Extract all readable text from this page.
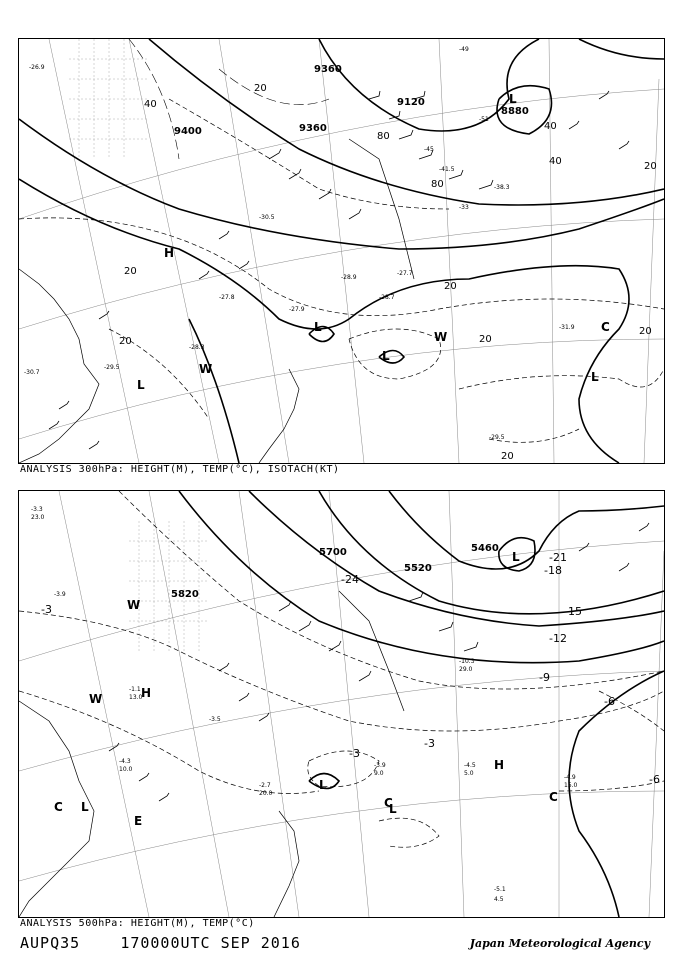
9360
9120
8880
9400	9360
20
40
80
40
20
20
20
20
20
20
80
20
40
H
L
L
L
L
L
W
W
C
-26.9
-27.9
-28.9
-29.5
-30.5
-31.9
-33
-38.3
-41.5
-45
-49
-51
-29.5
-27.7
-28.7
-28.3
-27.8
-30.7
ANALYSIS 300hPa: HEIGHT(M), TEMP(°C), ISOTACH(KT)
5700
5520
5460
5820
-24
-21
-18
-15
-12
-9
-6
-3
-3
-6
-3
H
H
L
L
L
L
W
W
C
C
C
E
-3.3
23.0
-3.9
-1.1
13.0
-3.5
-4.5
5.0
-4.9
15.0
-5.1
4.5
-4.3
10.0
-3.9
9.0
-10.3
29.0
-2.7
20.0
ANALYSIS 500hPa: HEIGHT(M), TEMP(°C)
AUPQ35	170000UTC SEP 2016	Japan Meteorological Agency
